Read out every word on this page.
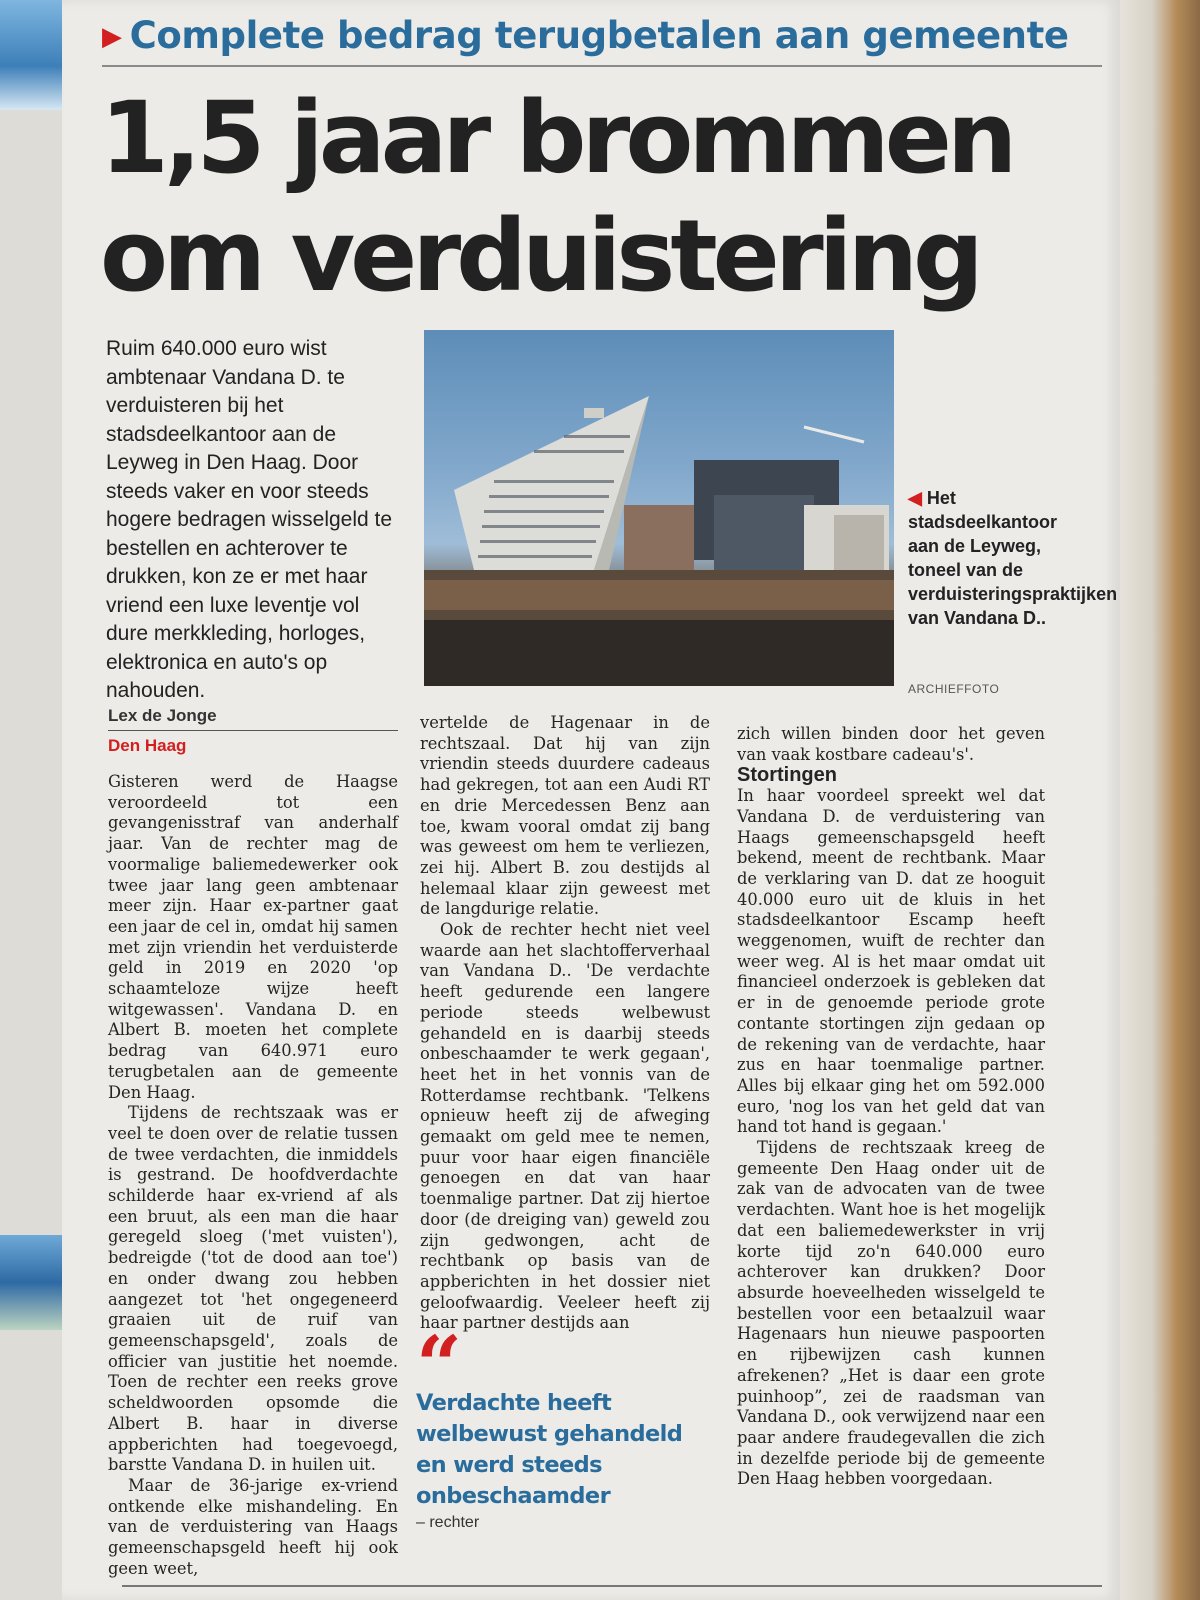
▶ Complete bedrag terugbetalen aan gemeente
1,5 jaar brommen
om verduistering
Ruim 640.000 euro wist ambtenaar Vandana D. te verduisteren bij het stadsdeelkantoor aan de Leyweg in Den Haag. Door steeds vaker en voor steeds hogere bedragen wisselgeld te bestellen en achterover te drukken, kon ze er met haar vriend een luxe leventje vol dure merkkleding, horloges, elektronica en auto's op nahouden.
◀ Het stadsdeelkantoor aan de Leyweg, toneel van de verduisteringspraktijken van Vandana D..
ARCHIEFFOTO
Lex de Jonge
Den Haag

Gisteren werd de Haagse veroordeeld tot een gevangenisstraf van anderhalf jaar. Van de rechter mag de voormalige baliemedewerker ook twee jaar lang geen ambtenaar meer zijn. Haar ex-partner gaat een jaar de cel in, omdat hij samen met zijn vriendin het verduisterde geld in 2019 en 2020 'op schaamteloze wijze heeft witgewassen'. Vandana D. en Albert B. moeten het complete bedrag van 640.971 euro terugbetalen aan de gemeente Den Haag.

Tijdens de rechtszaak was er veel te doen over de relatie tussen de twee verdachten, die inmiddels is gestrand. De hoofdverdachte schilderde haar ex-vriend af als een bruut, als een man die haar geregeld sloeg ('met vuisten'), bedreigde ('tot de dood aan toe') en onder dwang zou hebben aangezet tot 'het ongegeneerd graaien uit de ruif van gemeenschapsgeld', zoals de officier van justitie het noemde. Toen de rechter een reeks grove scheldwoorden opsomde die Albert B. haar in diverse appberichten had toegevoegd, barstte Vandana D. in huilen uit.

Maar de 36-jarige ex-vriend ontkende elke mishandeling. En van de verduistering van Haags gemeenschapsgeld heeft hij ook geen weet,

vertelde de Hagenaar in de rechtszaal. Dat hij van zijn vriendin steeds duurdere cadeaus had gekregen, tot aan een Audi RT en drie Mercedessen Benz aan toe, kwam vooral omdat zij bang was geweest om hem te verliezen, zei hij. Albert B. zou destijds al helemaal klaar zijn geweest met de langdurige relatie.

Ook de rechter hecht niet veel waarde aan het slachtofferverhaal van Vandana D.. 'De verdachte heeft gedurende een langere periode steeds welbewust gehandeld en is daarbij steeds onbeschaamder te werk gegaan', heet het in het vonnis van de Rotterdamse rechtbank. 'Telkens opnieuw heeft zij de afweging gemaakt om geld mee te nemen, puur voor haar eigen financiële genoegen en dat van haar toenmalige partner. Dat zij hiertoe door (de dreiging van) geweld zou zijn gedwongen, acht de rechtbank op basis van de appberichten in het dossier niet geloofwaardig. Veeleer heeft zij haar partner destijds aan

zich willen binden door het geven van vaak kostbare cadeau's'.

Stortingen

In haar voordeel spreekt wel dat Vandana D. de verduistering van Haags gemeenschapsgeld heeft bekend, meent de rechtbank. Maar de verklaring van D. dat ze hooguit 40.000 euro uit de kluis in het stadsdeelkantoor Escamp heeft weggenomen, wuift de rechter dan weer weg. Al is het maar omdat uit financieel onderzoek is gebleken dat er in de genoemde periode grote contante stortingen zijn gedaan op de rekening van de verdachte, haar zus en haar toenmalige partner. Alles bij elkaar ging het om 592.000 euro, 'nog los van het geld dat van hand tot hand is gegaan.'

Tijdens de rechtszaak kreeg de gemeente Den Haag onder uit de zak van de advocaten van de twee verdachten. Want hoe is het mogelijk dat een baliemedewerkster in vrij korte tijd zo'n 640.000 euro achterover kan drukken? Door absurde hoeveelheden wisselgeld te bestellen voor een betaalzuil waar Hagenaars hun nieuwe paspoorten en rijbewijzen cash kunnen afrekenen? „Het is daar een grote puinhoop”, zei de raadsman van Vandana D., ook verwijzend naar een paar andere fraudegevallen die zich in dezelfde periode bij de gemeente Den Haag hebben voorgedaan.

“
Verdachte heeft welbewust gehandeld en werd steeds onbeschaamder
– rechter
